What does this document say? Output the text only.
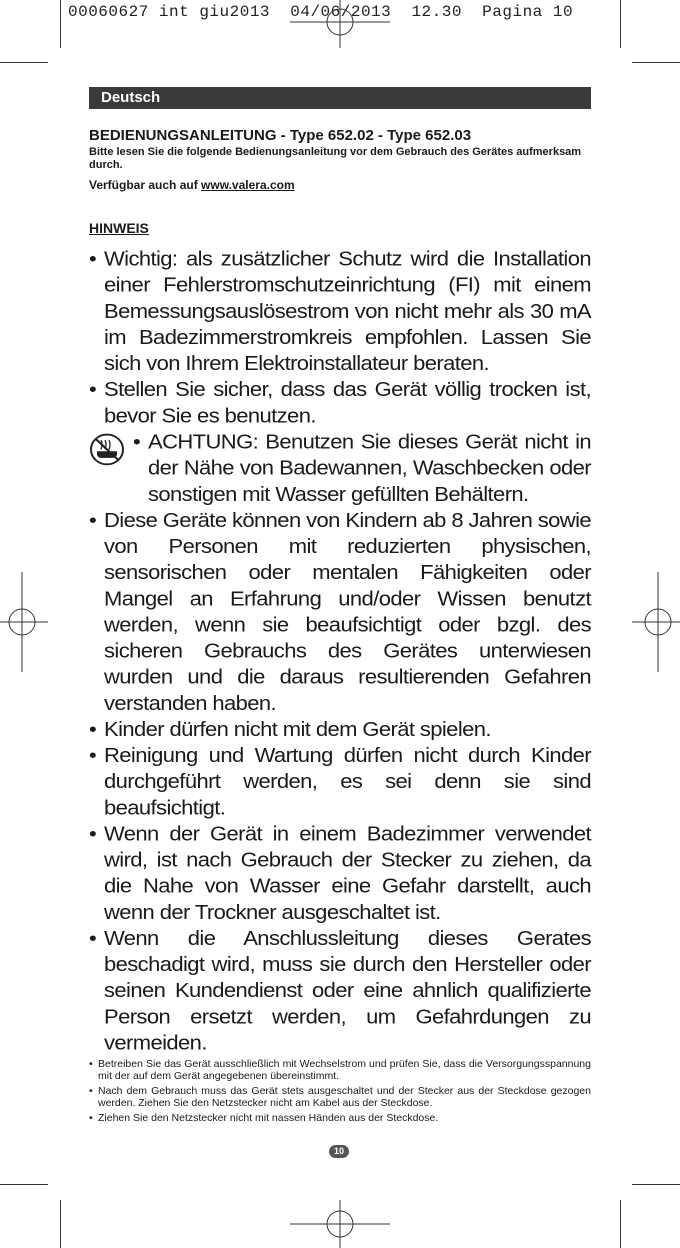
00060627 int giu2013  04/06/2013  12.30  Pagina 10
Deutsch
BEDIENUNGSANLEITUNG - Type 652.02 - Type 652.03
Bitte lesen Sie die folgende Bedienungsanleitung vor dem Gebrauch des Gerätes aufmerksam durch.
Verfügbar auch auf www.valera.com
HINWEIS
• Wichtig: als zusätzlicher Schutz wird die Installation einer Fehlerstromschutzeinrichtung (FI) mit einem Bemessungsauslösestrom von nicht mehr als 30 mA im Badezimmerstromkreis empfohlen. Lassen Sie sich von Ihrem Elektroinstallateur beraten.
• Stellen Sie sicher, dass das Gerät völlig trocken ist, bevor Sie es benutzen.
• ACHTUNG: Benutzen Sie dieses Gerät nicht in der Nähe von Badewannen, Waschbecken oder sonstigen mit Wasser gefüllten Behältern.
• Diese Geräte können von Kindern ab 8 Jahren sowie von Personen mit reduzierten physischen, sensorischen oder mentalen Fähigkeiten oder Mangel an Erfahrung und/oder Wissen benutzt werden, wenn sie beaufsichtigt oder bzgl. des sicheren Gebrauchs des Gerätes unterwiesen wurden und die daraus resultierenden Gefahren verstanden haben.
• Kinder dürfen nicht mit dem Gerät spielen.
• Reinigung und Wartung dürfen nicht durch Kinder durchgeführt werden, es sei denn sie sind beaufsichtigt.
• Wenn der Gerät in einem Badezimmer verwendet wird, ist nach Gebrauch der Stecker zu ziehen, da die Nahe von Wasser eine Gefahr darstellt, auch wenn der Trockner ausgeschaltet ist.
• Wenn die Anschlussleitung dieses Gerates beschadigt wird, muss sie durch den Hersteller oder seinen Kundendienst oder eine ahnlich qualifizierte Person ersetzt werden, um Gefahrdungen zu vermeiden.
• Betreiben Sie das Gerät ausschließlich mit Wechselstrom und prüfen Sie, dass die Versorgungsspannung mit der auf dem Gerät angegebenen übereinstimmt.
• Nach dem Gebrauch muss das Gerät stets ausgeschaltet und der Stecker aus der Steckdose gezogen werden. Ziehen Sie den Netzstecker nicht am Kabel aus der Steckdose.
• Ziehen Sie den Netzstecker nicht mit nassen Händen aus der Steckdose.
10
